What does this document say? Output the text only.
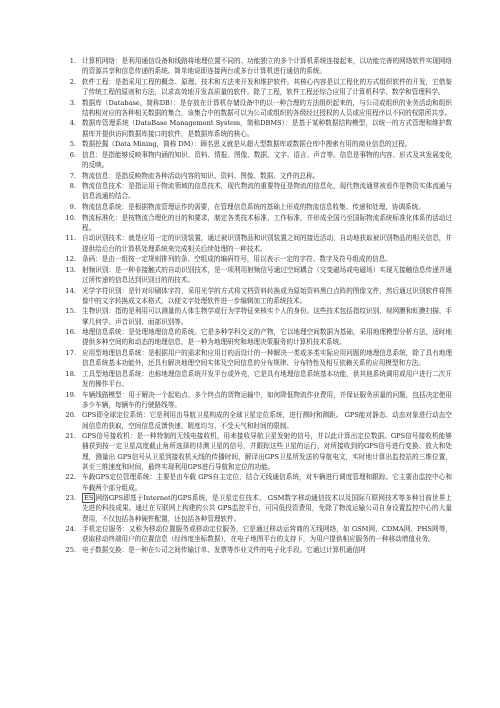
1. 计算机网络：是利用通信设备和线路将地理位置不同的、功能独立的多个计算机系统连接起来，以功能完善的网络软件实现网络的资源共享和信息传递的系统。简单地说即连接两台或多台计算机进行通信的系统。
2. 软件工程：是指采用工程的概念、原理、技术和方法来开发和维护软件。其核心内容是以工程化的方式组织软件的开发，它借鉴了传统工程的原则和方法，以求高效地开发高质量的软件。除了工程，软件工程还综合应用了计算机科学、数学和管理科学。
3. 数据库（Database，简称DB）：是存放在计算机存储设备中的以一种合理的方法组织起来的，与公司或组织的业务活动和组织结构相对应的各种相关数据的集合，该集合中的数据可以为公司或组织的各级经过授权的人员或应用程序以不同的权限所共享。
4. 数据库管理系统（DataBase Management System，简称DBMS）：是基于某种数据结构模型，以统一的方式管理和维护数据库并提供访问数据库接口的软件，是数据库系统的核心。
5. 数据挖掘（Data Mining，简称 DM）：顾名思义就是从超大型数据库或数据仓库中搜索有用的商业信息的过程。
6. 信息：是指能够反映事物内涵的知识、资料、情报、图像、数据、文字、语言、声音等。信息是事物的内容、形式及其发展变化的反映。
7. 物流信息：是指反映物流各种活动内容的知识、资料、图像、数据、文件的总称。
8. 物流信息技术：是指运用于物流领域的信息技术，现代物流的重要特征是物流的信息化，现代物流通常被看作是物资实体流通与信息流通的结合。
9. 物流信息系统：是根据物流管理运作的需要，在管理信息系统的基础上形成的物流信息收集、传递和处理、协调系统。
10. 物流标准化：是按物流合理化的目的和要求，制定各类技术标准、工作标准，并形成全国乃至国际物流系统标准化体系的活动过程。
11. 自动识别技术：就是应用一定的识别装置，通过被识别物品和识别装置之间的接近活动，自动地获取被识别物品的相关信息，并提供给后台的计算机处理系统来完成相关后续处理的一种技术。
12. 条码：是由一组按一定规则排列的条、空组成的编码符号，用以表示一定的字符、数字及符号组成的信息。
13. 射频识别：是一种非接触式的自动识别技术，是一项利用射频信号通过空间耦合（交变磁场或电磁场）实现无接触信息传递并通过所传递的信息达到识别目的的技术。
14. 光学字符识别：是针对印刷体字符，采用光学的方式将文档资料转换成为原始资料黑白点阵的图像文件，然后通过识别软件将图像中的文字转换成文本格式，以便文字处理软件进一步编辑加工的系统技术。
15. 生物识别：指的是利用可以测量的人体生物学或行为学特征来核实个人的身份。这些技术包括指纹识别、视网膜和虹膜扫描、手掌几何学、声音识别、面部识别等。
16. 地理信息系统：是处理地理信息的系统。它是多种学科交叉的产物，它以地理空间数据为基础，采用地理模型分析方法，适时地提供多种空间的和动态的地理信息，是一种为地理研究和地理决策服务的计算机技术系统。
17. 应用型地理信息系统：是根据用户的需求和应用目的而设计的一种解决一类或多类实际应用问题的地理信息系统，除了具有地理信息系统基本功能外，还具有解决地理空间实体及空间信息的分布规律、分布特性及相互依赖关系的应用模型和方法。
18. 工具型地理信息系统：也称地理信息系统开发平台或外壳，它是具有地理信息系统基本功能，供其他系统调用或用户进行二次开发的操作平台。
19. 车辆线路模型：用于解决一个起始点、多个终点的货物运输中，如何降低物流作业费用，并保证服务质量的问题，包括决定使用多少车辆，每辆车的行驶路线等。
20. GPS即全球定位系统：它是利用由导航卫星构成的全球卫星定位系统，进行测时和测距。 GPS能对静态、动态对象进行动态空间信息的获取，空间信息反馈快速、精度均匀、不受天气和时间的限制。
21. GPS信号接收机：是一种特制的无线电接收机，用来接收导航卫星发射的信号，并以此计算出定位数据。GPS信号接收机能够捕获到按一定卫星高度截止角所选择的待测卫星的信号，并跟踪这些卫星的运行，对所接收到的GPS信号进行变换、放大和处理，测量出 GPS信号从卫星到接收机天线的传播时间，解译出GPS卫星所发送的导航电文，实时地计算出监控站的三维位置，甚至三维速度和时间，最终实现利用GPS进行导航和定位的功能。
22. 车载GPS定位管理系统：主要是由车载 GPS自主定位，结合无线通信系统，对车辆进行调度管理和跟踪。它主要由监控中心和车载两个部分组成。
23.	ES 网络GPS即基于Internet的GPS系统，是卫星定位技术、 GSM数字移动通信技术以及国际互联网技术等多种目前世界上先进的科技成果。通过在互联网上构建的公共 GPS监控平台，可同低投资费用，免除了物流运输公司自身设置监控中心的大量费用，不仅包括各种硬件配置，还包括各种管理软件。
24. 手机定位服务：又称为移动位置服务或移动定位服务，它是通过移动运营商的无线网络，如 GSM网、CDMA网、PHS网等，获取移动终端用户的位置信息（经纬度坐标数据），在电子地图平台的支持下，为用户提供相应服务的一种移动增值业务。
25. 电子数据交换：是一种在公司之间传输订单、发票等作业文件的电子化手段。它通过计算机通信网
